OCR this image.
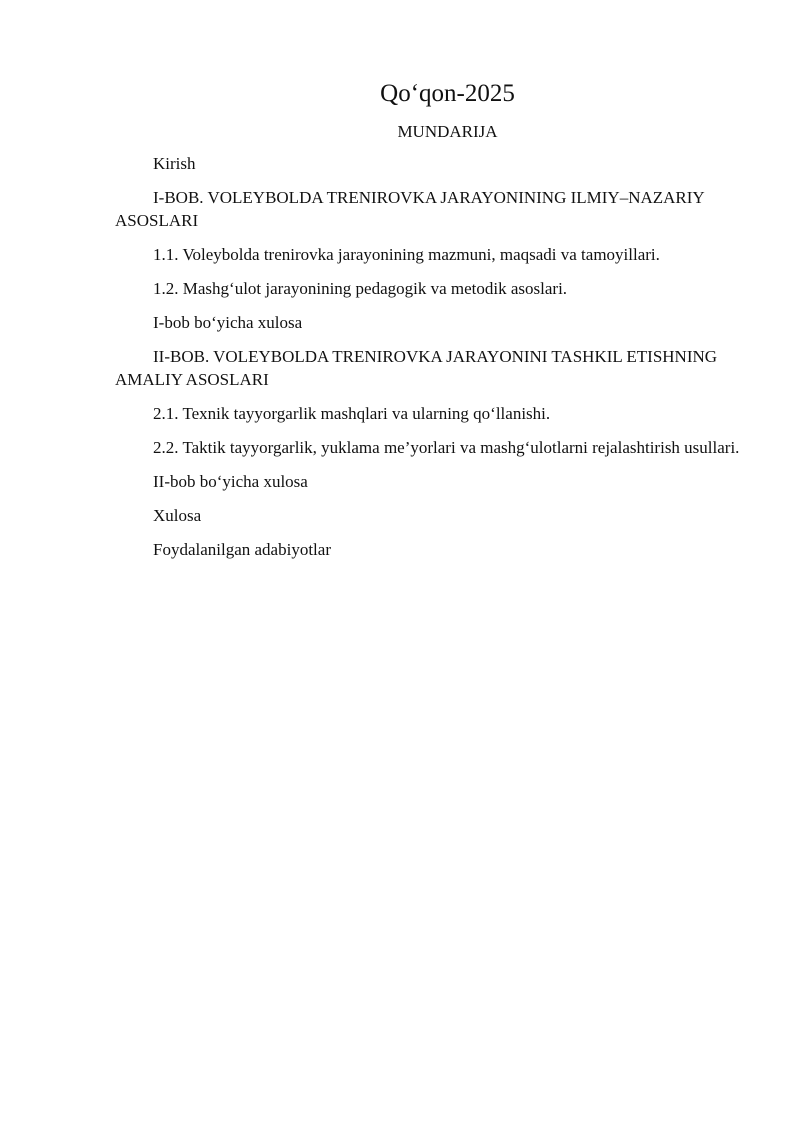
Qo‘qon-2025
MUNDARIJA
Kirish
I-BOB. VOLEYBOLDA TRENIROVKA JARAYONINING ILMIY–NAZARIY ASOSLARI
1.1. Voleybolda trenirovka jarayonining mazmuni, maqsadi va tamoyillari.
1.2. Mashg‘ulot jarayonining pedagogik va metodik asoslari.
I-bob bo‘yicha xulosa
II-BOB. VOLEYBOLDA TRENIROVKA JARAYONINI TASHKIL ETISHNING AMALIY ASOSLARI
2.1. Texnik tayyorgarlik mashqlari va ularning qo‘llanishi.
2.2. Taktik tayyorgarlik, yuklama me’yorlari va mashg‘ulotlarni rejalashtirish usullari.
II-bob bo‘yicha xulosa
Xulosa
Foydalanilgan adabiyotlar
